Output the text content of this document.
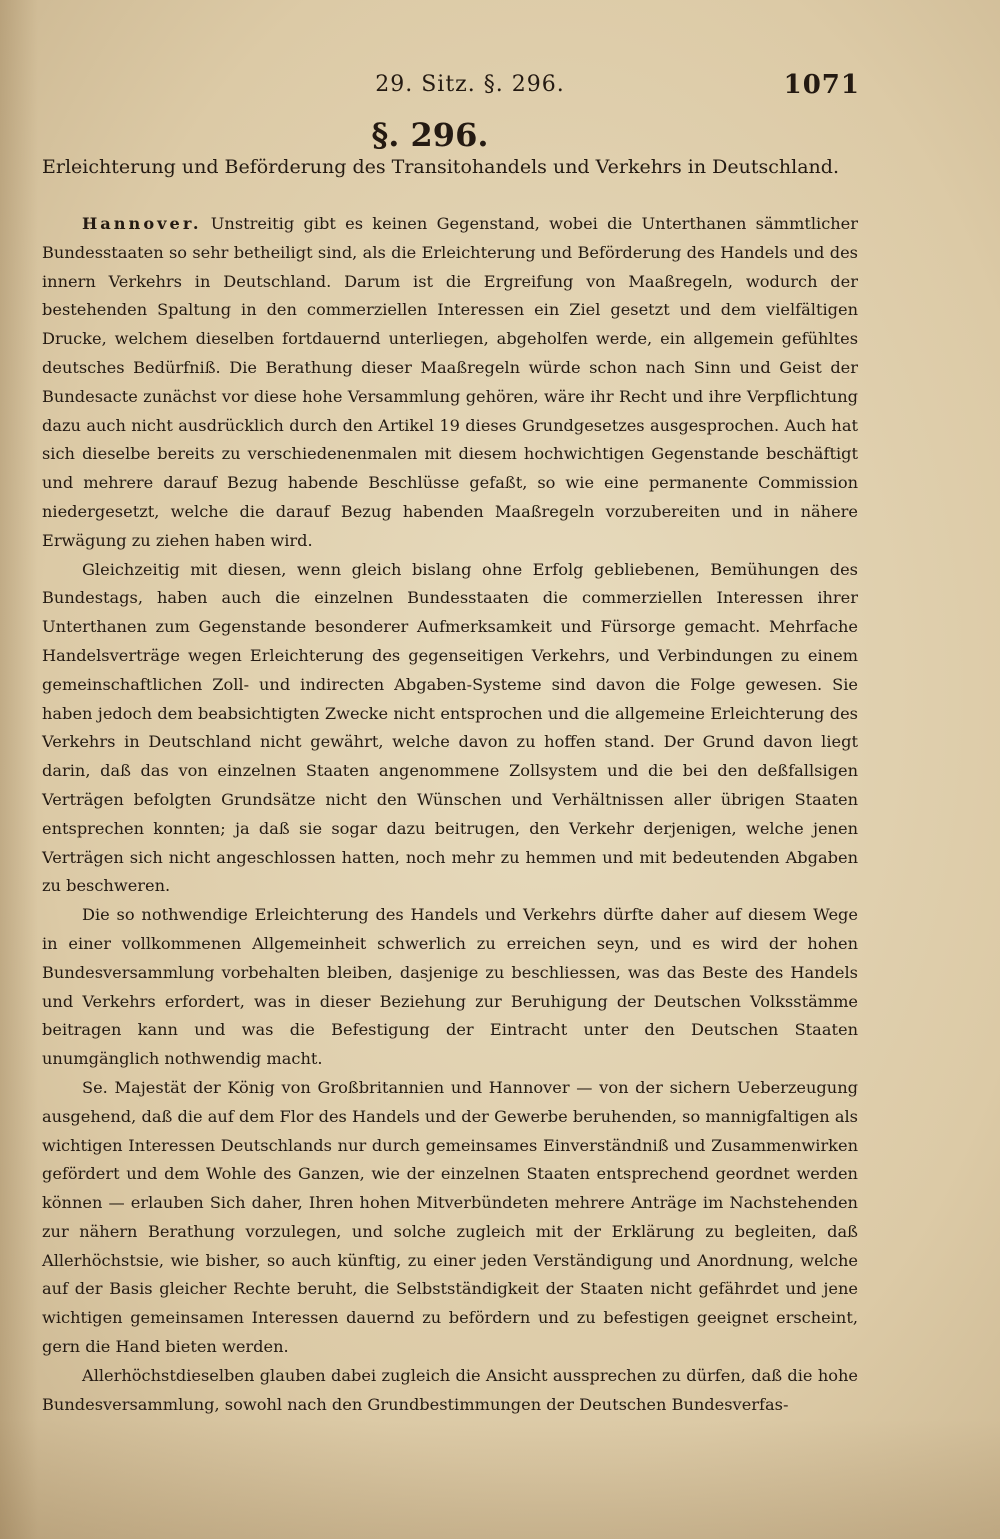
29. Sitz. §. 296.	1071
§. 296.
Erleichterung und Beförderung des Transitohandels und Verkehrs in Deutschland.

Hannover. Unstreitig gibt es keinen Gegenstand, wobei die Unterthanen sämmtlicher Bundesstaaten so sehr betheiligt sind, als die Erleichterung und Beförderung des Handels und des innern Verkehrs in Deutschland. Darum ist die Ergreifung von Maaßregeln, wodurch der bestehenden Spaltung in den commerziellen Interessen ein Ziel gesetzt und dem vielfältigen Drucke, welchem dieselben fortdauernd unterliegen, abgeholfen werde, ein allgemein gefühltes deutsches Bedürfniß. Die Berathung dieser Maaßregeln würde schon nach Sinn und Geist der Bundesacte zunächst vor diese hohe Versammlung gehören, wäre ihr Recht und ihre Verpflichtung dazu auch nicht ausdrücklich durch den Artikel 19 dieses Grundgesetzes ausgesprochen. Auch hat sich dieselbe bereits zu verschiedenenmalen mit diesem hochwichtigen Gegenstande beschäftigt und mehrere darauf Bezug habende Beschlüsse gefaßt, so wie eine permanente Commission niedergesetzt, welche die darauf Bezug habenden Maaßregeln vorzubereiten und in nähere Erwägung zu ziehen haben wird.

Gleichzeitig mit diesen, wenn gleich bislang ohne Erfolg gebliebenen, Bemühungen des Bundestags, haben auch die einzelnen Bundesstaaten die commerziellen Interessen ihrer Unterthanen zum Gegenstande besonderer Aufmerksamkeit und Fürsorge gemacht. Mehrfache Handelsverträge wegen Erleichterung des gegenseitigen Verkehrs, und Verbindungen zu einem gemeinschaftlichen Zoll- und indirecten Abgaben-Systeme sind davon die Folge gewesen. Sie haben jedoch dem beabsichtigten Zwecke nicht entsprochen und die allgemeine Erleichterung des Verkehrs in Deutschland nicht gewährt, welche davon zu hoffen stand. Der Grund davon liegt darin, daß das von einzelnen Staaten angenommene Zollsystem und die bei den deßfallsigen Verträgen befolgten Grundsätze nicht den Wünschen und Verhältnissen aller übrigen Staaten entsprechen konnten; ja daß sie sogar dazu beitrugen, den Verkehr derjenigen, welche jenen Verträgen sich nicht angeschlossen hatten, noch mehr zu hemmen und mit bedeutenden Abgaben zu beschweren.

Die so nothwendige Erleichterung des Handels und Verkehrs dürfte daher auf diesem Wege in einer vollkommenen Allgemeinheit schwerlich zu erreichen seyn, und es wird der hohen Bundesversammlung vorbehalten bleiben, dasjenige zu beschliessen, was das Beste des Handels und Verkehrs erfordert, was in dieser Beziehung zur Beruhigung der Deutschen Volksstämme beitragen kann und was die Befestigung der Eintracht unter den Deutschen Staaten unumgänglich nothwendig macht.

Se. Majestät der König von Großbritannien und Hannover — von der sichern Ueberzeugung ausgehend, daß die auf dem Flor des Handels und der Gewerbe beruhenden, so mannigfaltigen als wichtigen Interessen Deutschlands nur durch gemeinsames Einverständniß und Zusammenwirken gefördert und dem Wohle des Ganzen, wie der einzelnen Staaten entsprechend geordnet werden können — erlauben Sich daher, Ihren hohen Mitverbündeten mehrere Anträge im Nachstehenden zur nähern Berathung vorzulegen, und solche zugleich mit der Erklärung zu begleiten, daß Allerhöchstsie, wie bisher, so auch künftig, zu einer jeden Verständigung und Anordnung, welche auf der Basis gleicher Rechte beruht, die Selbstständigkeit der Staaten nicht gefährdet und jene wichtigen gemeinsamen Interessen dauernd zu befördern und zu befestigen geeignet erscheint, gern die Hand bieten werden.

Allerhöchstdieselben glauben dabei zugleich die Ansicht aussprechen zu dürfen, daß die hohe Bundesversammlung, sowohl nach den Grundbestimmungen der Deutschen Bundesverfas-
